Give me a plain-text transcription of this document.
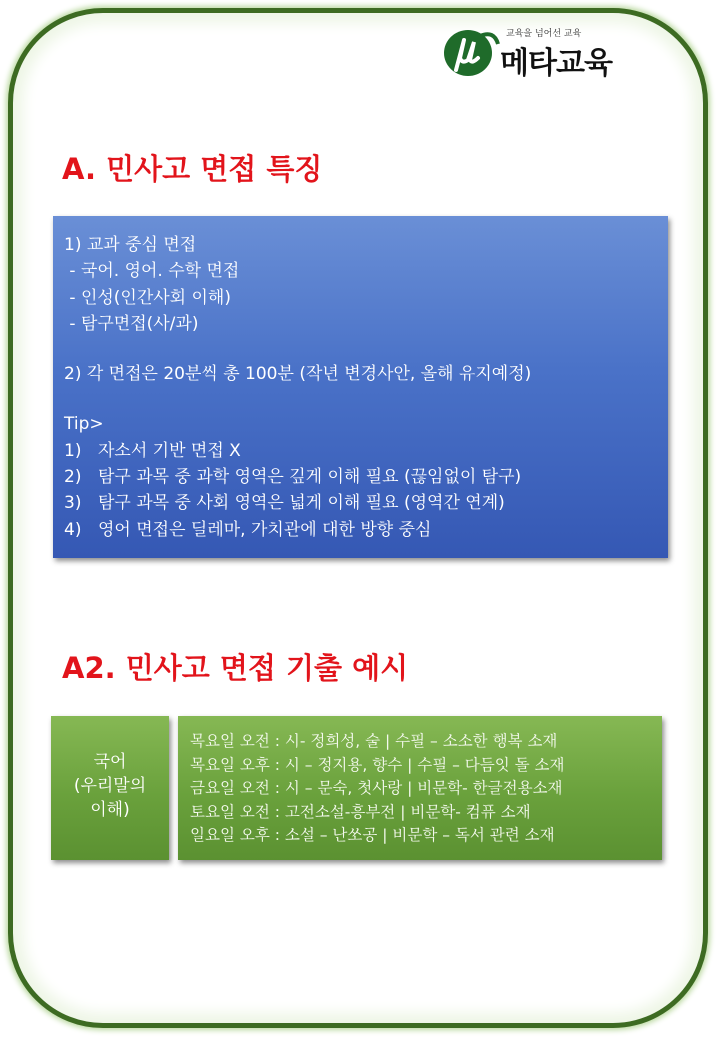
교육을 넘어선 교육
메타교육
A. 민사고 면접 특징
1) 교과 중심 면접
- 국어. 영어. 수학 면접
- 인성(인간사회 이해)
- 탐구면접(사/과)
2) 각 면접은 20분씩 총 100분 (작년 변경사안, 올해 유지예정)
Tip>
1) 자소서 기반 면접 X
2) 탐구 과목 중 과학 영역은 깊게 이해 필요 (끊임없이 탐구)
3) 탐구 과목 중 사회 영역은 넓게 이해 필요 (영역간 연계)
4) 영어 면접은 딜레마, 가치관에 대한 방향 중심
A2. 민사고 면접 기출 예시
국어
(우리말의
이해)
목요일 오전 : 시- 정희성, 술 | 수필 – 소소한 행복 소재
목요일 오후 : 시 – 정지용, 향수 | 수필 – 다듬잇 돌 소재
금요일 오전 : 시 – 문숙, 첫사랑 | 비문학- 한글전용소재
토요일 오전 : 고전소설-흥부전 | 비문학- 컴퓨 소재
일요일 오후 : 소설 – 난쏘공 | 비문학 – 독서 관련 소재
